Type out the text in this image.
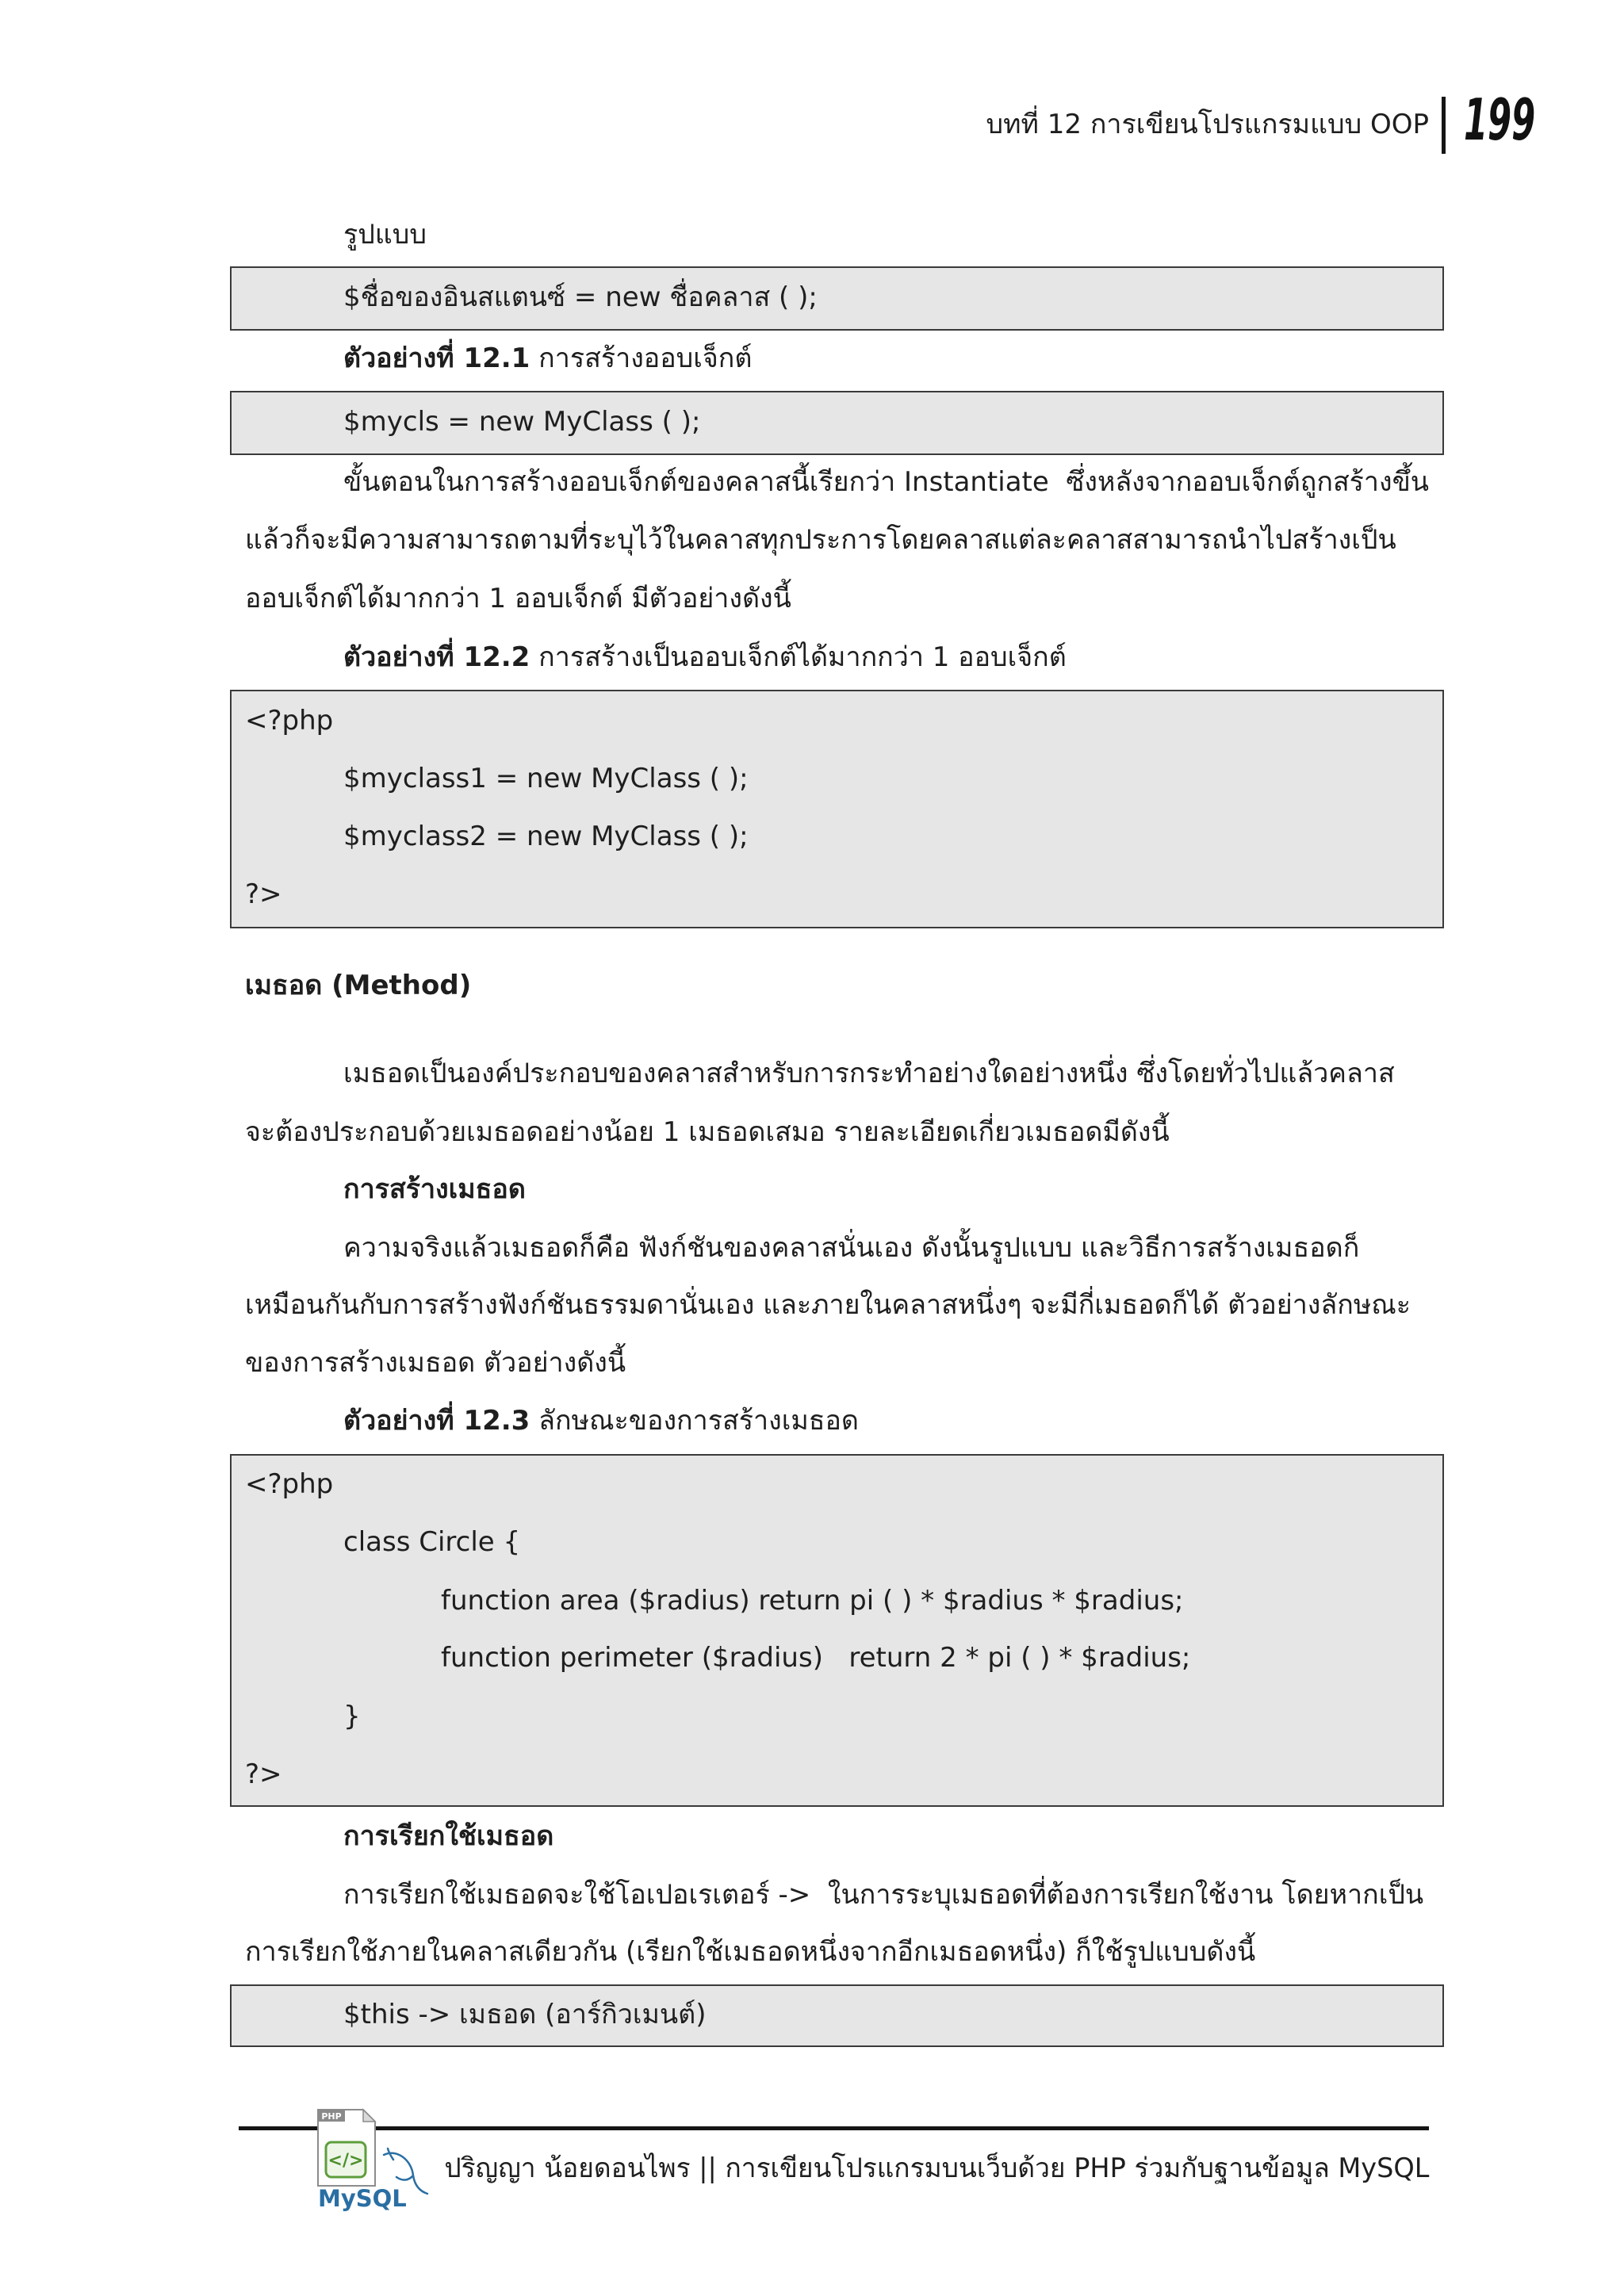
บทที่ 12 การเขียนโปรแกรมแบบ OOP 199
รูปแบบ
$ชื่อของอินสแตนซ์ = new ชื่อคลาส ( );
ตัวอย่างที่ 12.1 การสร้างออบเจ็กต์
$mycls = new MyClass ( );
ขั้นตอนในการสร้างออบเจ็กต์ของคลาสนี้เรียกว่า Instantiate  ซึ่งหลังจากออบเจ็กต์ถูกสร้างขึ้น
แล้วก็จะมีความสามารถตามที่ระบุไว้ในคลาสทุกประการโดยคลาสแต่ละคลาสสามารถนำไปสร้างเป็น
ออบเจ็กต์ได้มากกว่า 1 ออบเจ็กต์ มีตัวอย่างดังนี้
ตัวอย่างที่ 12.2 การสร้างเป็นออบเจ็กต์ได้มากกว่า 1 ออบเจ็กต์
<?php
$myclass1 = new MyClass ( );
$myclass2 = new MyClass ( );
?>
เมธอด (Method)
เมธอดเป็นองค์ประกอบของคลาสสำหรับการกระทำอย่างใดอย่างหนึ่ง ซึ่งโดยทั่วไปแล้วคลาส
จะต้องประกอบด้วยเมธอดอย่างน้อย 1 เมธอดเสมอ รายละเอียดเกี่ยวเมธอดมีดังนี้
การสร้างเมธอด
ความจริงแล้วเมธอดก็คือ ฟังก์ชันของคลาสนั่นเอง ดังนั้นรูปแบบ และวิธีการสร้างเมธอดก็
เหมือนกันกับการสร้างฟังก์ชันธรรมดานั่นเอง และภายในคลาสหนึ่งๆ จะมีกี่เมธอดก็ได้ ตัวอย่างลักษณะ
ของการสร้างเมธอด ตัวอย่างดังนี้
ตัวอย่างที่ 12.3 ลักษณะของการสร้างเมธอด
<?php
class Circle {
function area ($radius) return pi ( ) * $radius * $radius;
function perimeter ($radius)   return 2 * pi ( ) * $radius;
}
?>
การเรียกใช้เมธอด
การเรียกใช้เมธอดจะใช้โอเปอเรเตอร์ ->  ในการระบุเมธอดที่ต้องการเรียกใช้งาน โดยหากเป็น
การเรียกใช้ภายในคลาสเดียวกัน (เรียกใช้เมธอดหนึ่งจากอีกเมธอดหนึ่ง) ก็ใช้รูปแบบดังนี้
$this -> เมธอด (อาร์กิวเมนต์)
PHP
</>
MySQL
ปริญญา น้อยดอนไพร || การเขียนโปรแกรมบนเว็บด้วย PHP ร่วมกับฐานข้อมูล MySQL
